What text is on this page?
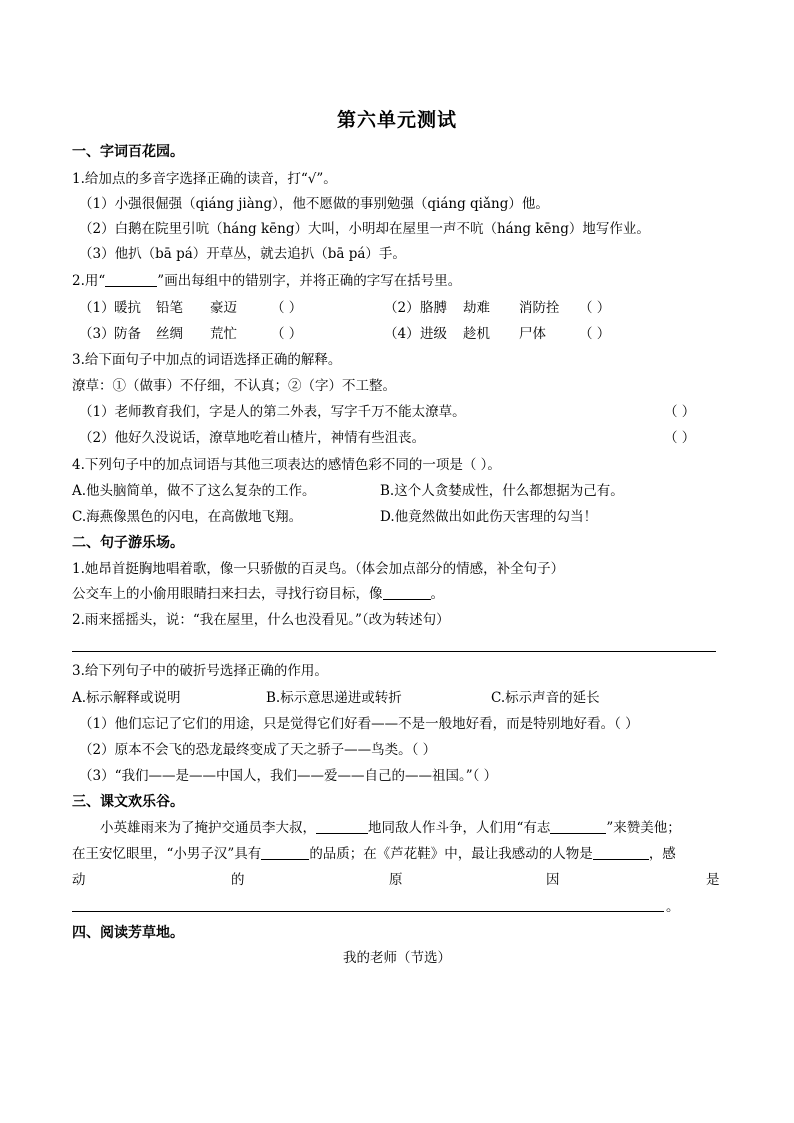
第六单元测试
一、字词百花园。
1.给加点的多音字选择正确的读音，打“√”。
（1）小强很倔强（qiáng jiàng），他不愿做的事别勉强（qiáng qiǎng）他。
（2）白鹅在院里引吭（háng kēng）大叫，小明却在屋里一声不吭（háng kēng）地写作业。
（3）他扒（bā pá）开草丛，就去追扒（bā pá）手。
2.用“	”画出每组中的错别字，并将正确的字写在括号里。
（1） 暖抗 铅笔 豪迈	（ ）	（2） 胳膊 劫难 消防拴 （ ）
（3） 防备 丝绸 荒忙	（ ）	（4） 进级 趁机 尸体 （ ）
3.给下面句子中加点的词语选择正确的解释。
潦草：①（做事）不仔细，不认真；②（字）不工整。
（1）老师教育我们，字是人的第二外表，写字千万不能太潦草。	（ ）
（2）他好久没说话，潦草地吃着山楂片，神情有些沮丧。	（ ）
4.下列句子中的加点词语与其他三项表达的感情色彩不同的一项是（ ）。
A.他头脑简单，做不了这么复杂的工作。	B.这个人贪婪成性，什么都想据为己有。
C.海燕像黑色的闪电，在高傲地飞翔。	D.他竟然做出如此伤天害理的勾当！
二、句子游乐场。
1.她昂首挺胸地唱着歌，像一只骄傲的百灵鸟。（体会加点部分的情感，补全句子）
公交车上的小偷用眼睛扫来扫去，寻找行窃目标，像	。
2.雨来摇摇头，说：“我在屋里，什么也没看见。”（改为转述句）
3.给下列句子中的破折号选择正确的作用。
A.标示解释或说明	B.标示意思递进或转折	C.标示声音的延长
（1）他们忘记了它们的用途，只是觉得它们好看——不是一般地好看，而是特别地好看。（ ）
（2）原本不会飞的恐龙最终变成了天之骄子——鸟类。（ ）
（3）“我们——是——中国人，我们——爱——自己的——祖国。”（ ）
三、课文欢乐谷。
小英雄雨来为了掩护交通员李大叔，	地同敌人作斗争，人们用“有志	”来赞美他；
在王安忆眼里，“小男子汉”具有	的品质；在《芦花鞋》中，最让我感动的人物是	，感
动	的	原	因	是
。
四、阅读芳草地。
我的老师（节选）
